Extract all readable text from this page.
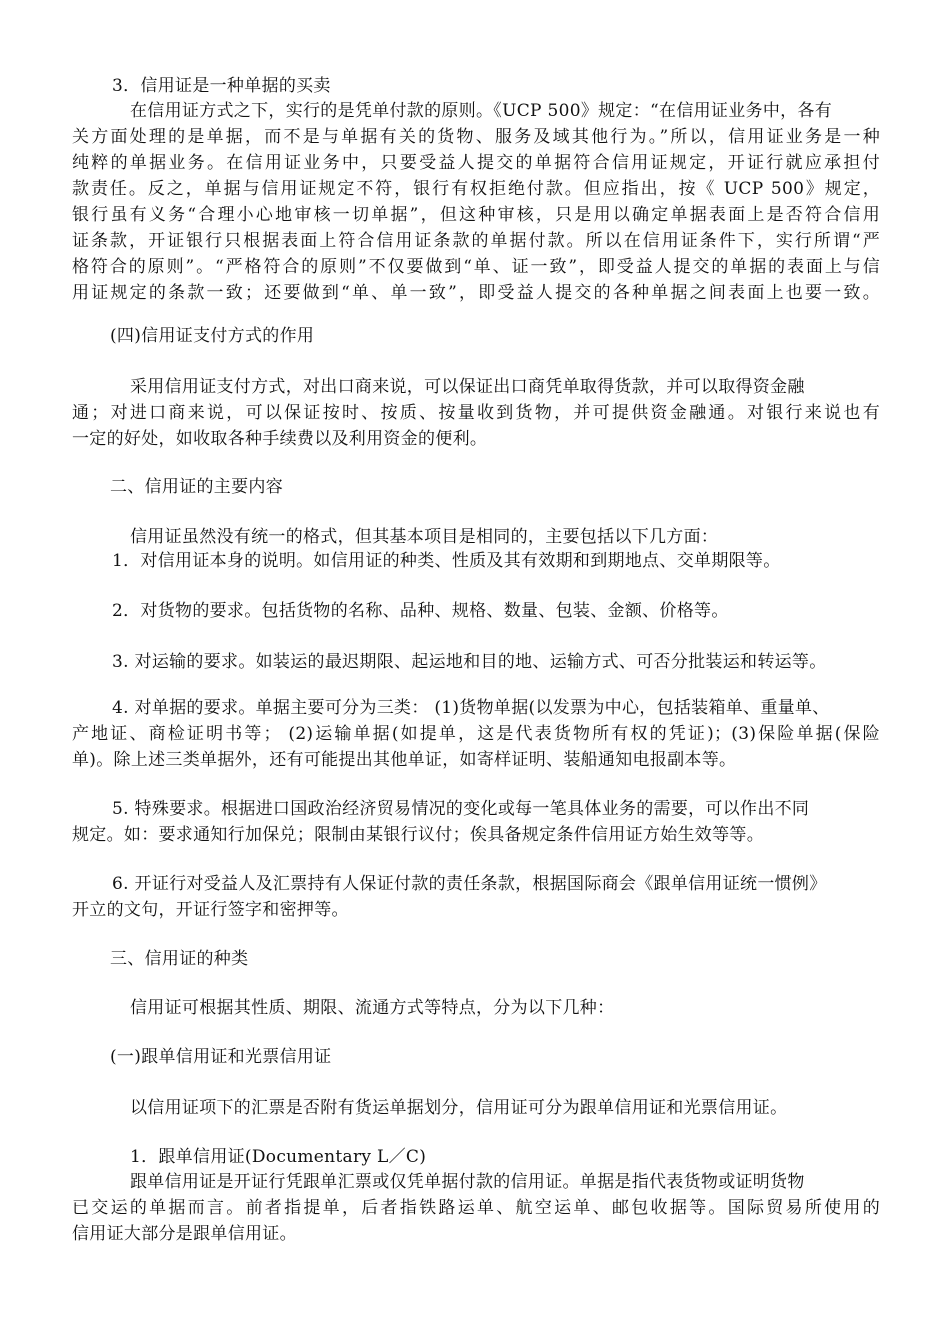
3．信用证是一种单据的买卖
在信用证方式之下，实行的是凭单付款的原则。《UCP 500》规定：“在信用证业务中，各有
关方面处理的是单据，而不是与单据有关的货物、服务及域其他行为。”所以，信用证业务是一种
纯粹的单据业务。在信用证业务中，只要受益人提交的单据符合信用证规定，开证行就应承担付
款责任。反之，单据与信用证规定不符，银行有权拒绝付款。但应指出，按《 UCP 500》规定，
银行虽有义务“合理小心地审核一切单据”，但这种审核，只是用以确定单据表面上是否符合信用
证条款，开证银行只根据表面上符合信用证条款的单据付款。所以在信用证条件下，实行所谓“严
格符合的原则”。“严格符合的原则”不仅要做到“单、证一致”，即受益人提交的单据的表面上与信
用证规定的条款一致；还要做到“单、单一致”，即受益人提交的各种单据之间表面上也要一致。
(四)信用证支付方式的作用
采用信用证支付方式，对出口商来说，可以保证出口商凭单取得货款，并可以取得资金融
通；对进口商来说，可以保证按时、按质、按量收到货物，并可提供资金融通。对银行来说也有
一定的好处，如收取各种手续费以及利用资金的便利。
二、信用证的主要内容
信用证虽然没有统一的格式，但其基本项目是相同的，主要包括以下几方面：
1．对信用证本身的说明。如信用证的种类、性质及其有效期和到期地点、交单期限等。
2．对货物的要求。包括货物的名称、品种、规格、数量、包装、金额、价格等。
3. 对运输的要求。如装运的最迟期限、起运地和目的地、运输方式、可否分批装运和转运等。
4. 对单据的要求。单据主要可分为三类： (1)货物单据(以发票为中心，包括装箱单、重量单、
产地证、商检证明书等； (2)运输单据(如提单，这是代表货物所有权的凭证)；(3)保险单据(保险
单)。除上述三类单据外，还有可能提出其他单证，如寄样证明、装船通知电报副本等。
5. 特殊要求。根据进口国政治经济贸易情况的变化或每一笔具体业务的需要，可以作出不同
规定。如：要求通知行加保兑；限制由某银行议付；俟具备规定条件信用证方始生效等等。
6. 开证行对受益人及汇票持有人保证付款的责任条款，根据国际商会《跟单信用证统一惯例》
开立的文句，开证行签字和密押等。
三、信用证的种类
信用证可根据其性质、期限、流通方式等特点，分为以下几种：
(一)跟单信用证和光票信用证
以信用证项下的汇票是否附有货运单据划分，信用证可分为跟单信用证和光票信用证。
1．跟单信用证(Documentary L／C)
跟单信用证是开证行凭跟单汇票或仅凭单据付款的信用证。单据是指代表货物或证明货物
已交运的单据而言。前者指提单，后者指铁路运单、航空运单、邮包收据等。国际贸易所使用的
信用证大部分是跟单信用证。
